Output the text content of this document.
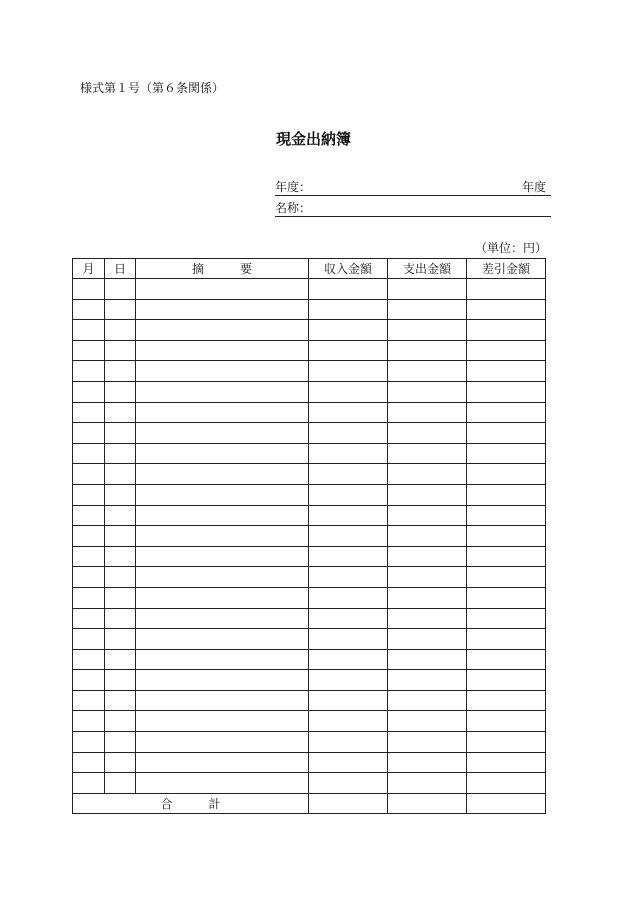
様式第１号（第６条関係）
現金出納簿
年度：	年度
名称：
（単位：円）
月	日	摘　　　要	収入金額	支出金額	差引金額

合　　　計					
